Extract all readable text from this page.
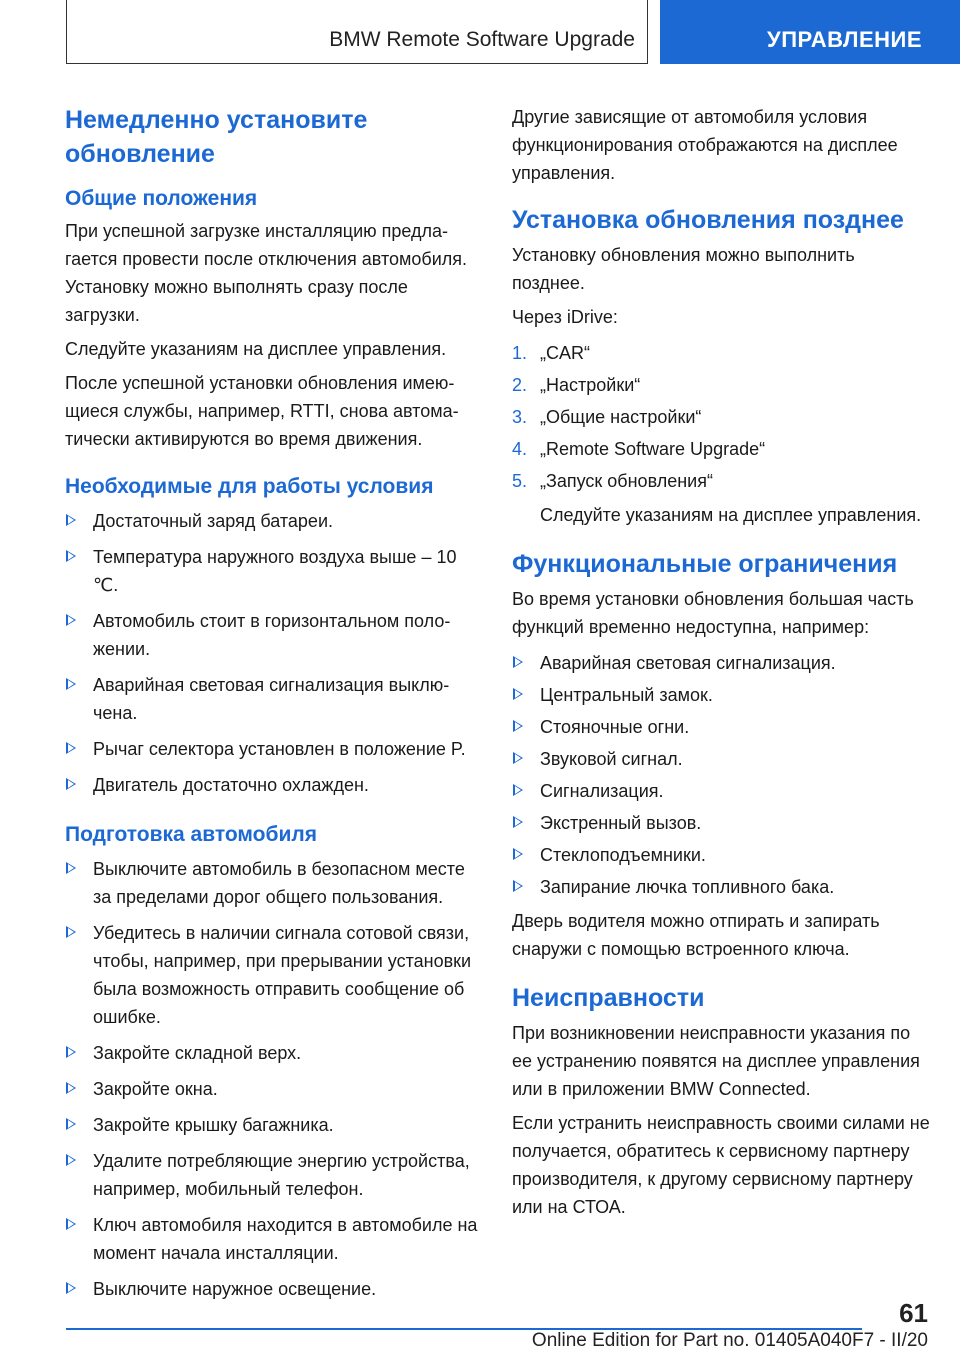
BMW Remote Software Upgrade	УПРАВЛЕНИЕ
Немедленно установите обновление
Общие положения

При успешной загрузке инсталляцию предлагается провести после отключения автомобиля. Установку можно выполнять сразу после загрузки.

Следуйте указаниям на дисплее управления.

После успешной установки обновления имеющиеся службы, например, RTTI, снова автоматически активируются во время движения.

Необходимые для работы условия
Достаточный заряд батареи.
Температура наружного воздуха выше – 10 ℃.
Автомобиль стоит в горизонтальном положении.
Аварийная световая сигнализация выключена.
Рычаг селектора установлен в положение P.
Двигатель достаточно охлажден.
Подготовка автомобиля
Выключите автомобиль в безопасном месте за пределами дорог общего пользования.
Убедитесь в наличии сигнала сотовой связи, чтобы, например, при прерывании установки была возможность отправить сообщение об ошибке.
Закройте складной верх.
Закройте окна.
Закройте крышку багажника.
Удалите потребляющие энергию устройства, например, мобильный телефон.
Ключ автомобиля находится в автомобиле на момент начала инсталляции.
Выключите наружное освещение.

Другие зависящие от автомобиля условия функционирования отображаются на дисплее управления.

Установка обновления позднее

Установку обновления можно выполнить позднее.

Через iDrive:

1. „CAR“
2. „Настройки“
3. „Общие настройки“
4. „Remote Software Upgrade“
5. „Запуск обновления“

Следуйте указаниям на дисплее управления.

Функциональные ограничения

Во время установки обновления большая часть функций временно недоступна, например:

Аварийная световая сигнализация.
Центральный замок.
Стояночные огни.
Звуковой сигнал.
Сигнализация.
Экстренный вызов.
Стеклоподъемники.
Запирание лючка топливного бака.

Дверь водителя можно отпирать и запирать снаружи с помощью встроенного ключа.

Неисправности

При возникновении неисправности указания по ее устранению появятся на дисплее управления или в приложении BMW Connected.

Если устранить неисправность своими силами не получается, обратитесь к сервисному партнеру производителя, к другому сервисному партнеру или на СТОА.

61
Online Edition for Part no. 01405A040F7 - II/20
